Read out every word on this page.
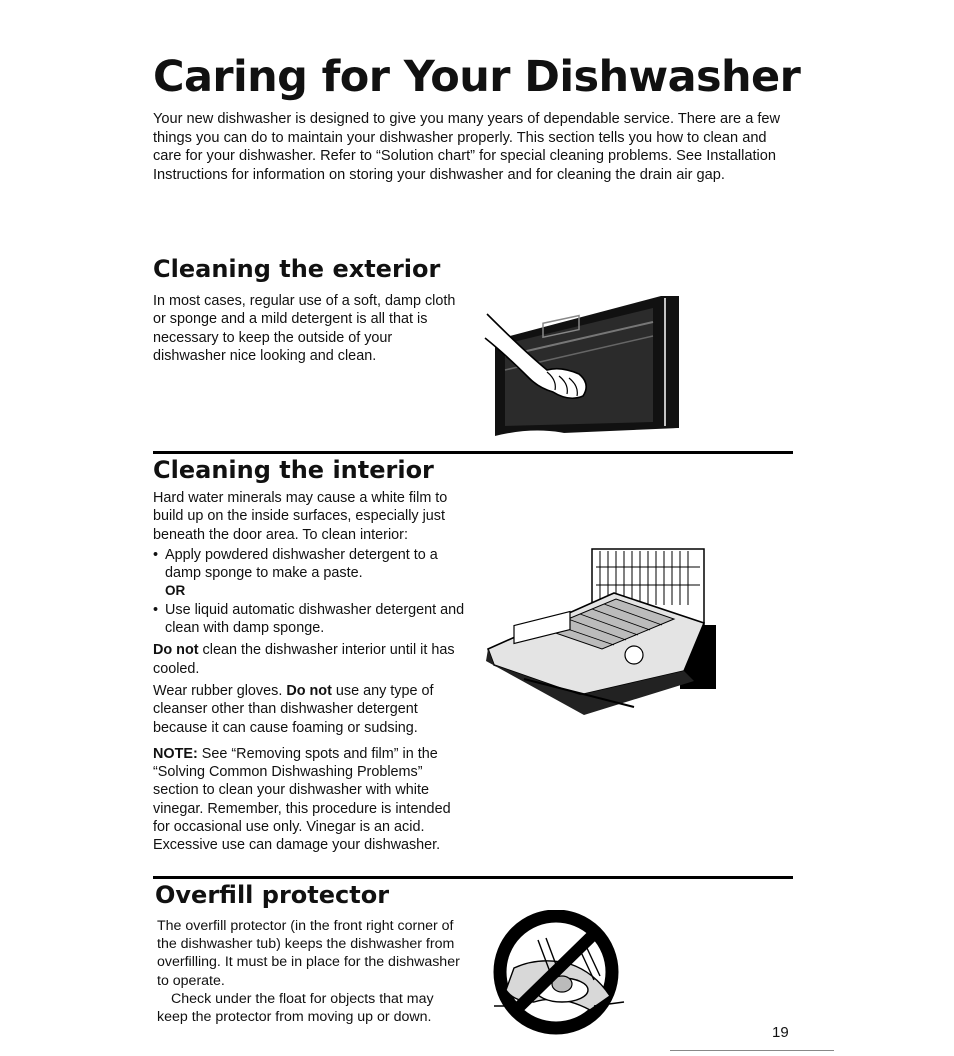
Caring for Your Dishwasher

Your new dishwasher is designed to give you many years of dependable service. There are a few things you can do to maintain your dishwasher properly. This section tells you how to clean and care for your dishwasher. Refer to “Solution chart” for special cleaning problems. See Installation Instructions for information on storing your dishwasher and for cleaning the drain air gap.

Cleaning the exterior

In most cases, regular use of a soft, damp cloth or sponge and a mild detergent is all that is necessary to keep the outside of your dishwasher nice looking and clean.

Cleaning the interior

Hard water minerals may cause a white film to build up on the inside surfaces, especially just beneath the door area. To clean interior:

• Apply powdered dishwasher detergent to a damp sponge to make a paste.
OR
• Use liquid automatic dishwasher detergent and clean with damp sponge.

Do not clean the dishwasher interior until it has cooled.

Wear rubber gloves. Do not use any type of cleanser other than dishwasher detergent because it can cause foaming or sudsing.

NOTE: See “Removing spots and film” in the “Solving Common Dishwashing Problems” section to clean your dishwasher with white vinegar. Remember, this procedure is intended for occasional use only. Vinegar is an acid. Excessive use can damage your dishwasher.

Overfill protector

The overfill protector (in the front right corner of the dishwasher tub) keeps the dishwasher from overfilling. It must be in place for the dishwasher to operate.

Check under the float for objects that may keep the protector from moving up or down.

19
